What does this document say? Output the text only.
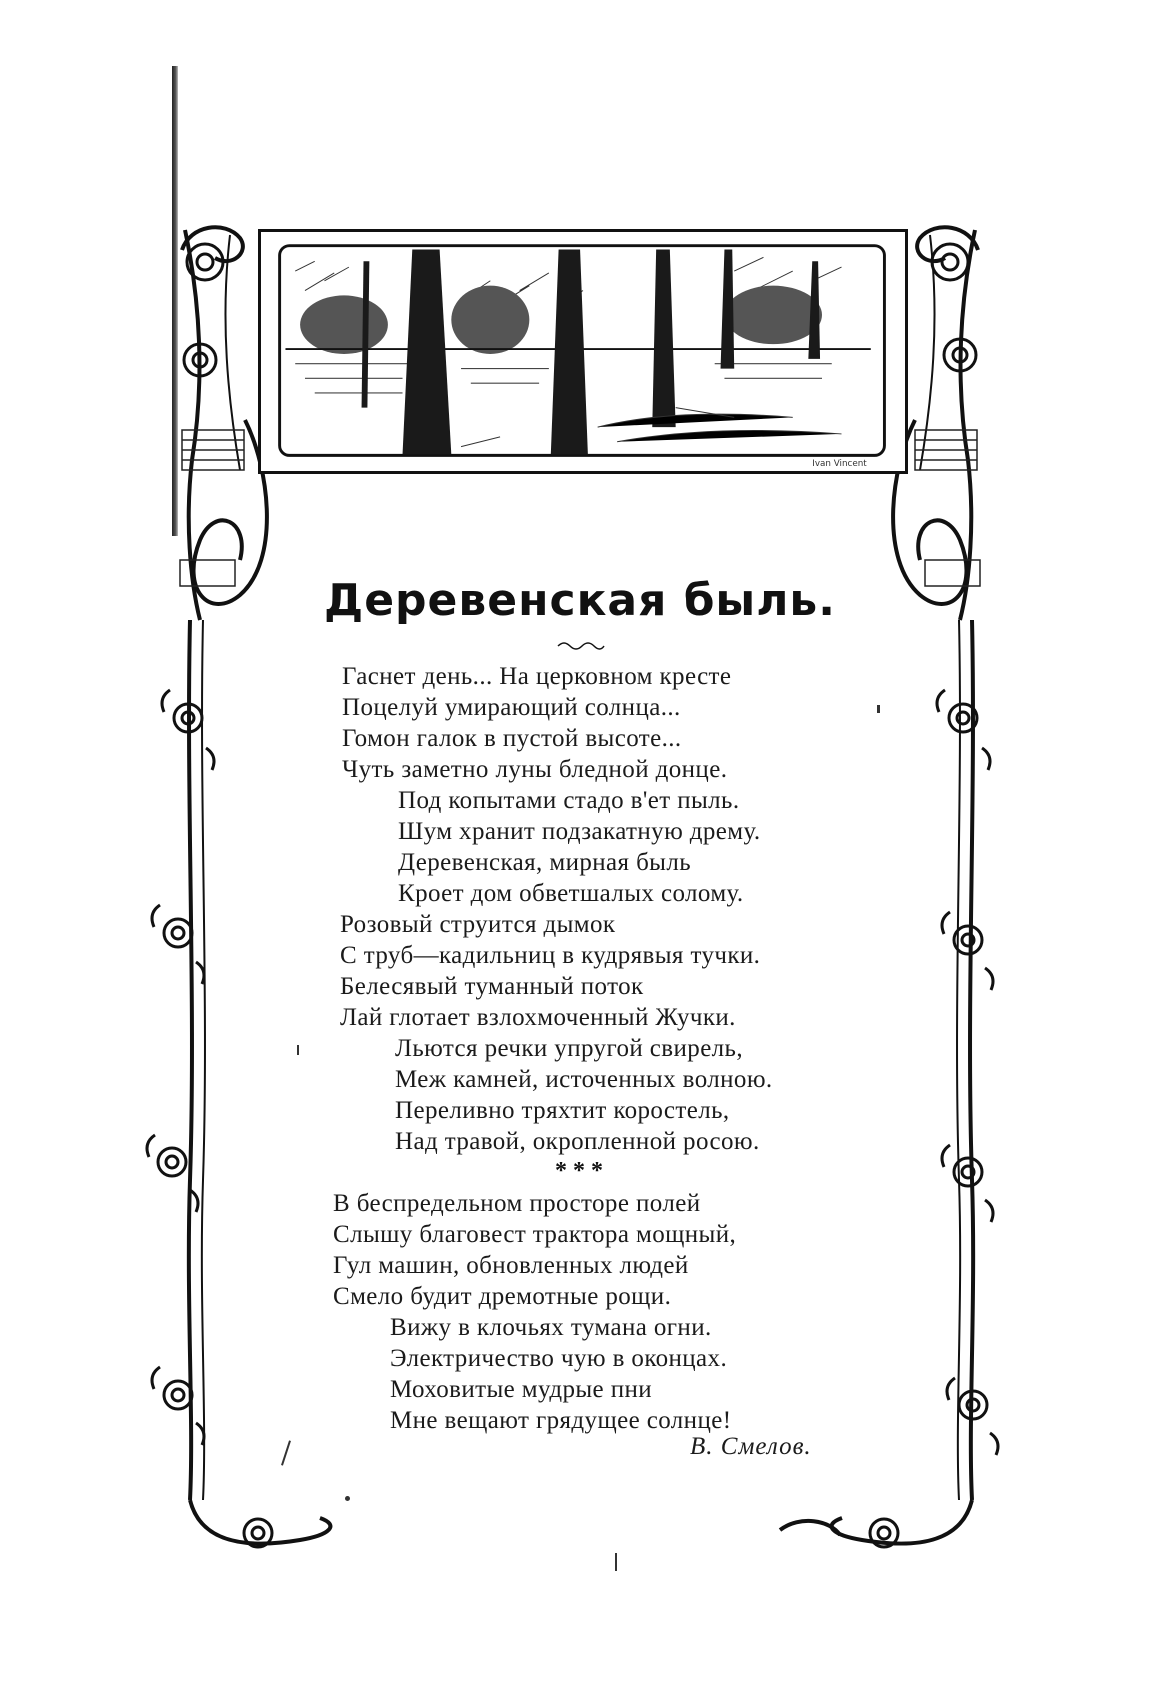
Ivan Vincent
Деревенская быль.
Гаснет день... На церковном кресте
Поцелуй умирающий солнца...
Гомон галок в пустой высоте...
Чуть заметно луны бледной донце.
Под копытами стадо в'ет пыль.
Шум хранит подзакатную дрему.
Деревенская, мирная быль
Кроет дом обветшалых солому.
Розовый струится дымок
С труб—кадильниц в кудрявыя тучки.
Белесявый туманный поток
Лай глотает взлохмоченный Жучки.
Льются речки упругой свирель,
Меж камней, источенных волною.
Переливно тряхтит коростель,
Над травой, окропленной росою.
* * *
В беспредельном просторе полей
Слышу благовест трактора мощный,
Гул машин, обновленных людей
Смело будит дремотные рощи.
Вижу в клочьях тумана огни.
Электричество чую в оконцах.
Моховитые мудрые пни
Мне вещают грядущее солнце!
В. Смелов.
